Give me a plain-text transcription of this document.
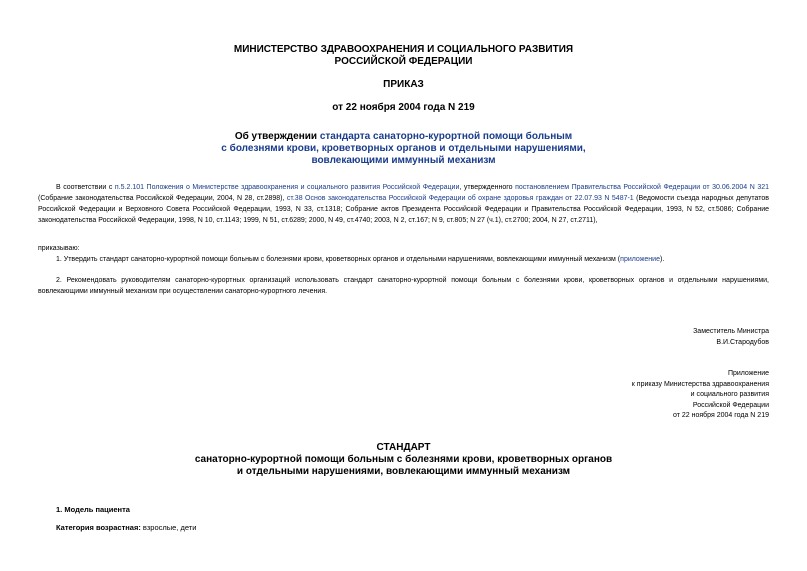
МИНИСТЕРСТВО ЗДРАВООХРАНЕНИЯ И СОЦИАЛЬНОГО РАЗВИТИЯ
РОССИЙСКОЙ ФЕДЕРАЦИИ
ПРИКАЗ
от 22 ноября 2004 года N 219
Об утверждении стандарта санаторно-курортной помощи больным
с болезнями крови, кроветворных органов и отдельными нарушениями,
вовлекающими иммунный механизм
В соответствии с п.5.2.101 Положения о Министерстве здравоохранения и социального развития Российской Федерации, утвержденного постановлением Правительства Российской Федерации от 30.06.2004 N 321 (Собрание законодательства Российской Федерации, 2004, N 28, ст.2898), ст.38 Основ законодательства Российской Федерации об охране здоровья граждан от 22.07.93 N 5487-1 (Ведомости съезда народных депутатов Российской Федерации и Верховного Совета Российской Федерации, 1993, N 33, ст.1318; Собрание актов Президента Российской Федерации и Правительства Российской Федерации, 1993, N 52, ст.5086; Собрание законодательства Российской Федерации, 1998, N 10, ст.1143; 1999, N 51, ст.6289; 2000, N 49, ст.4740; 2003, N 2, ст.167; N 9, ст.805; N 27 (ч.1), ст.2700; 2004, N 27, ст.2711),
приказываю:
1. Утвердить стандарт санаторно-курортной помощи больным с болезнями крови, кроветворных органов и отдельными нарушениями, вовлекающими иммунный механизм (приложение).
2. Рекомендовать руководителям санаторно-курортных организаций использовать стандарт санаторно-курортной помощи больным с болезнями крови, кроветворных органов и отдельными нарушениями, вовлекающими иммунный механизм при осуществлении санаторно-курортного лечения.
Заместитель Министра
В.И.Стародубов
Приложение
к приказу Министерства здравоохранения
и социального развития
Российской Федерации
от 22 ноября 2004 года N 219
СТАНДАРТ
санаторно-курортной помощи больным с болезнями крови, кроветворных органов
и отдельными нарушениями, вовлекающими иммунный механизм
1. Модель пациента
Категория возрастная: взрослые, дети
